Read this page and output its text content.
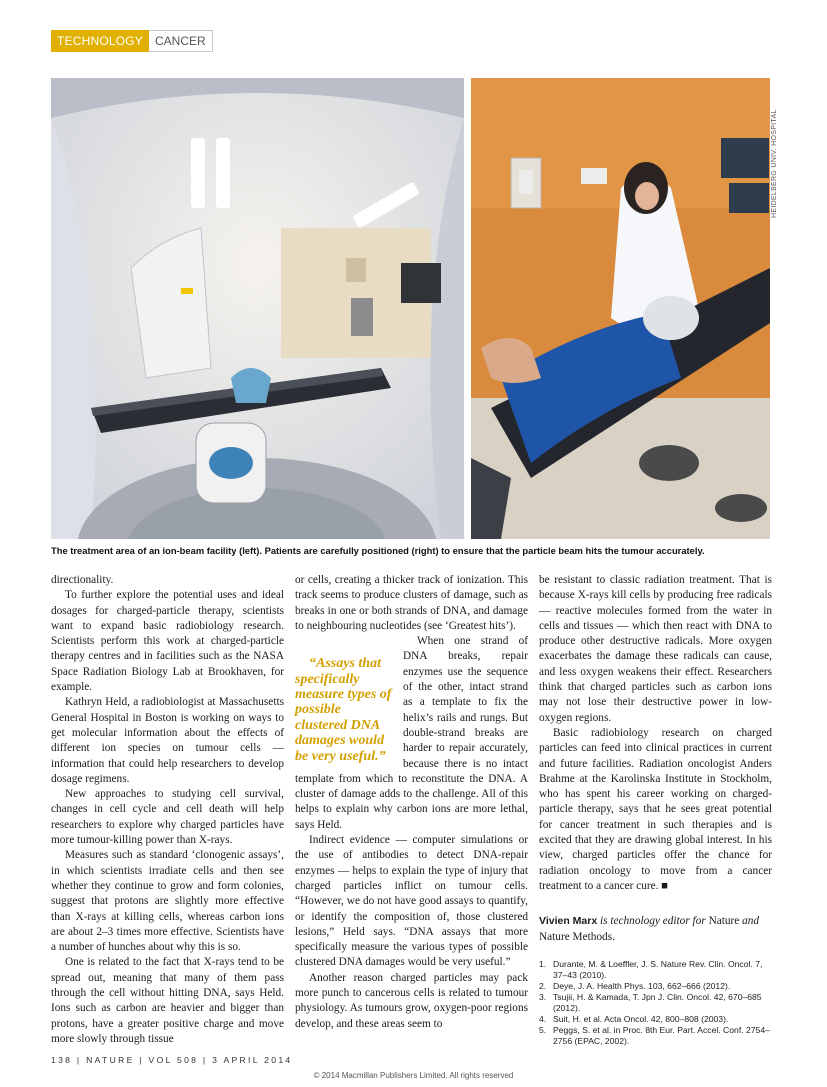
TECHNOLOGY	CANCER
HEIDELBERG UNIV. HOSPITAL
The treatment area of an ion-beam facility (left). Patients are carefully positioned (right) to ensure that the particle beam hits the tumour accurately.

directionality.

To further explore the potential uses and ideal dosages for charged-particle therapy, scientists want to expand basic radiobiology research. Scientists perform this work at charged-particle therapy centres and in facilities such as the NASA Space Radiation Biology Lab at Brookhaven, for example.

Kathryn Held, a radiobiologist at Massachusetts General Hospital in Boston is working on ways to get molecular information about the effects of different ion species on tumour cells — information that could help researchers to develop dosage regimens.

New approaches to studying cell survival, changes in cell cycle and cell death will help researchers to explore why charged particles have more tumour-killing power than X-rays.

Measures such as standard ‘clonogenic assays’, in which scientists irradiate cells and then see whether they continue to grow and form colonies, suggest that protons are slightly more effective than X-rays at killing cells, whereas carbon ions are about 2–3 times more effective. Scientists have a number of hunches about why this is so.

One is related to the fact that X-rays tend to be spread out, meaning that many of them pass through the cell without hitting DNA, says Held. Ions such as carbon are heavier and bigger than protons, have a greater positive charge and move more slowly through tissue

or cells, creating a thicker track of ionization. This track seems to produce clusters of damage, such as breaks in one or both strands of DNA, and damage to neighbouring nucleotides (see ‘Greatest hits’).

“Assays that specifically measure types of possible clustered DNA damages would be very useful.”
When one strand of DNA breaks, repair enzymes use the sequence of the other, intact strand as a template to fix the helix’s rails and rungs. But double-strand breaks are harder to repair accurately, because there is no intact template from which to reconstitute the DNA. A cluster of damage adds to the challenge. All of this helps to explain why carbon ions are more lethal, says Held.

Indirect evidence — computer simulations or the use of antibodies to detect DNA-repair enzymes — helps to explain the type of injury that charged particles inflict on tumour cells. “However, we do not have good assays to quantify, or identify the composition of, those clustered lesions,” Held says. “DNA assays that more specifically measure the various types of possible clustered DNA damages would be very useful.”

Another reason charged particles may pack more punch to cancerous cells is related to tumour physiology. As tumours grow, oxygen-poor regions develop, and these areas seem to

be resistant to classic radiation treatment. That is because X-rays kill cells by producing free radicals — reactive molecules formed from the water in cells and tissues — which then react with DNA to produce other destructive radicals. More oxygen exacerbates the damage these radicals can cause, and less oxygen weakens their effect. Researchers think that charged particles such as carbon ions may not lose their destructive power in low-oxygen regions.

Basic radiobiology research on charged particles can feed into clinical practices in current and future facilities. Radiation oncologist Anders Brahme at the Karolinska Institute in Stockholm, who has spent his career working on charged-particle therapy, says that he sees great potential for cancer treatment in such therapies and is excited that they are drawing global interest. In his view, charged particles offer the chance for radiation oncology to move from a cancer treatment to a cancer cure. ■

Vivien Marx is technology editor for Nature and Nature Methods.
1. Durante, M. & Loeffler, J. S. Nature Rev. Clin. Oncol. 7, 37–43 (2010).
2. Deye, J. A. Health Phys. 103, 662–666 (2012).
3. Tsujii, H. & Kamada, T. Jpn J. Clin. Oncol. 42, 670–685 (2012).
4. Suit, H. et al. Acta Oncol. 42, 800–808 (2003).
5. Peggs, S. et al. in Proc. 8th Eur. Part. Accel. Conf. 2754–2756 (EPAC, 2002).
138 | NATURE | VOL 508 | 3 APRIL 2014
© 2014 Macmillan Publishers Limited. All rights reserved
